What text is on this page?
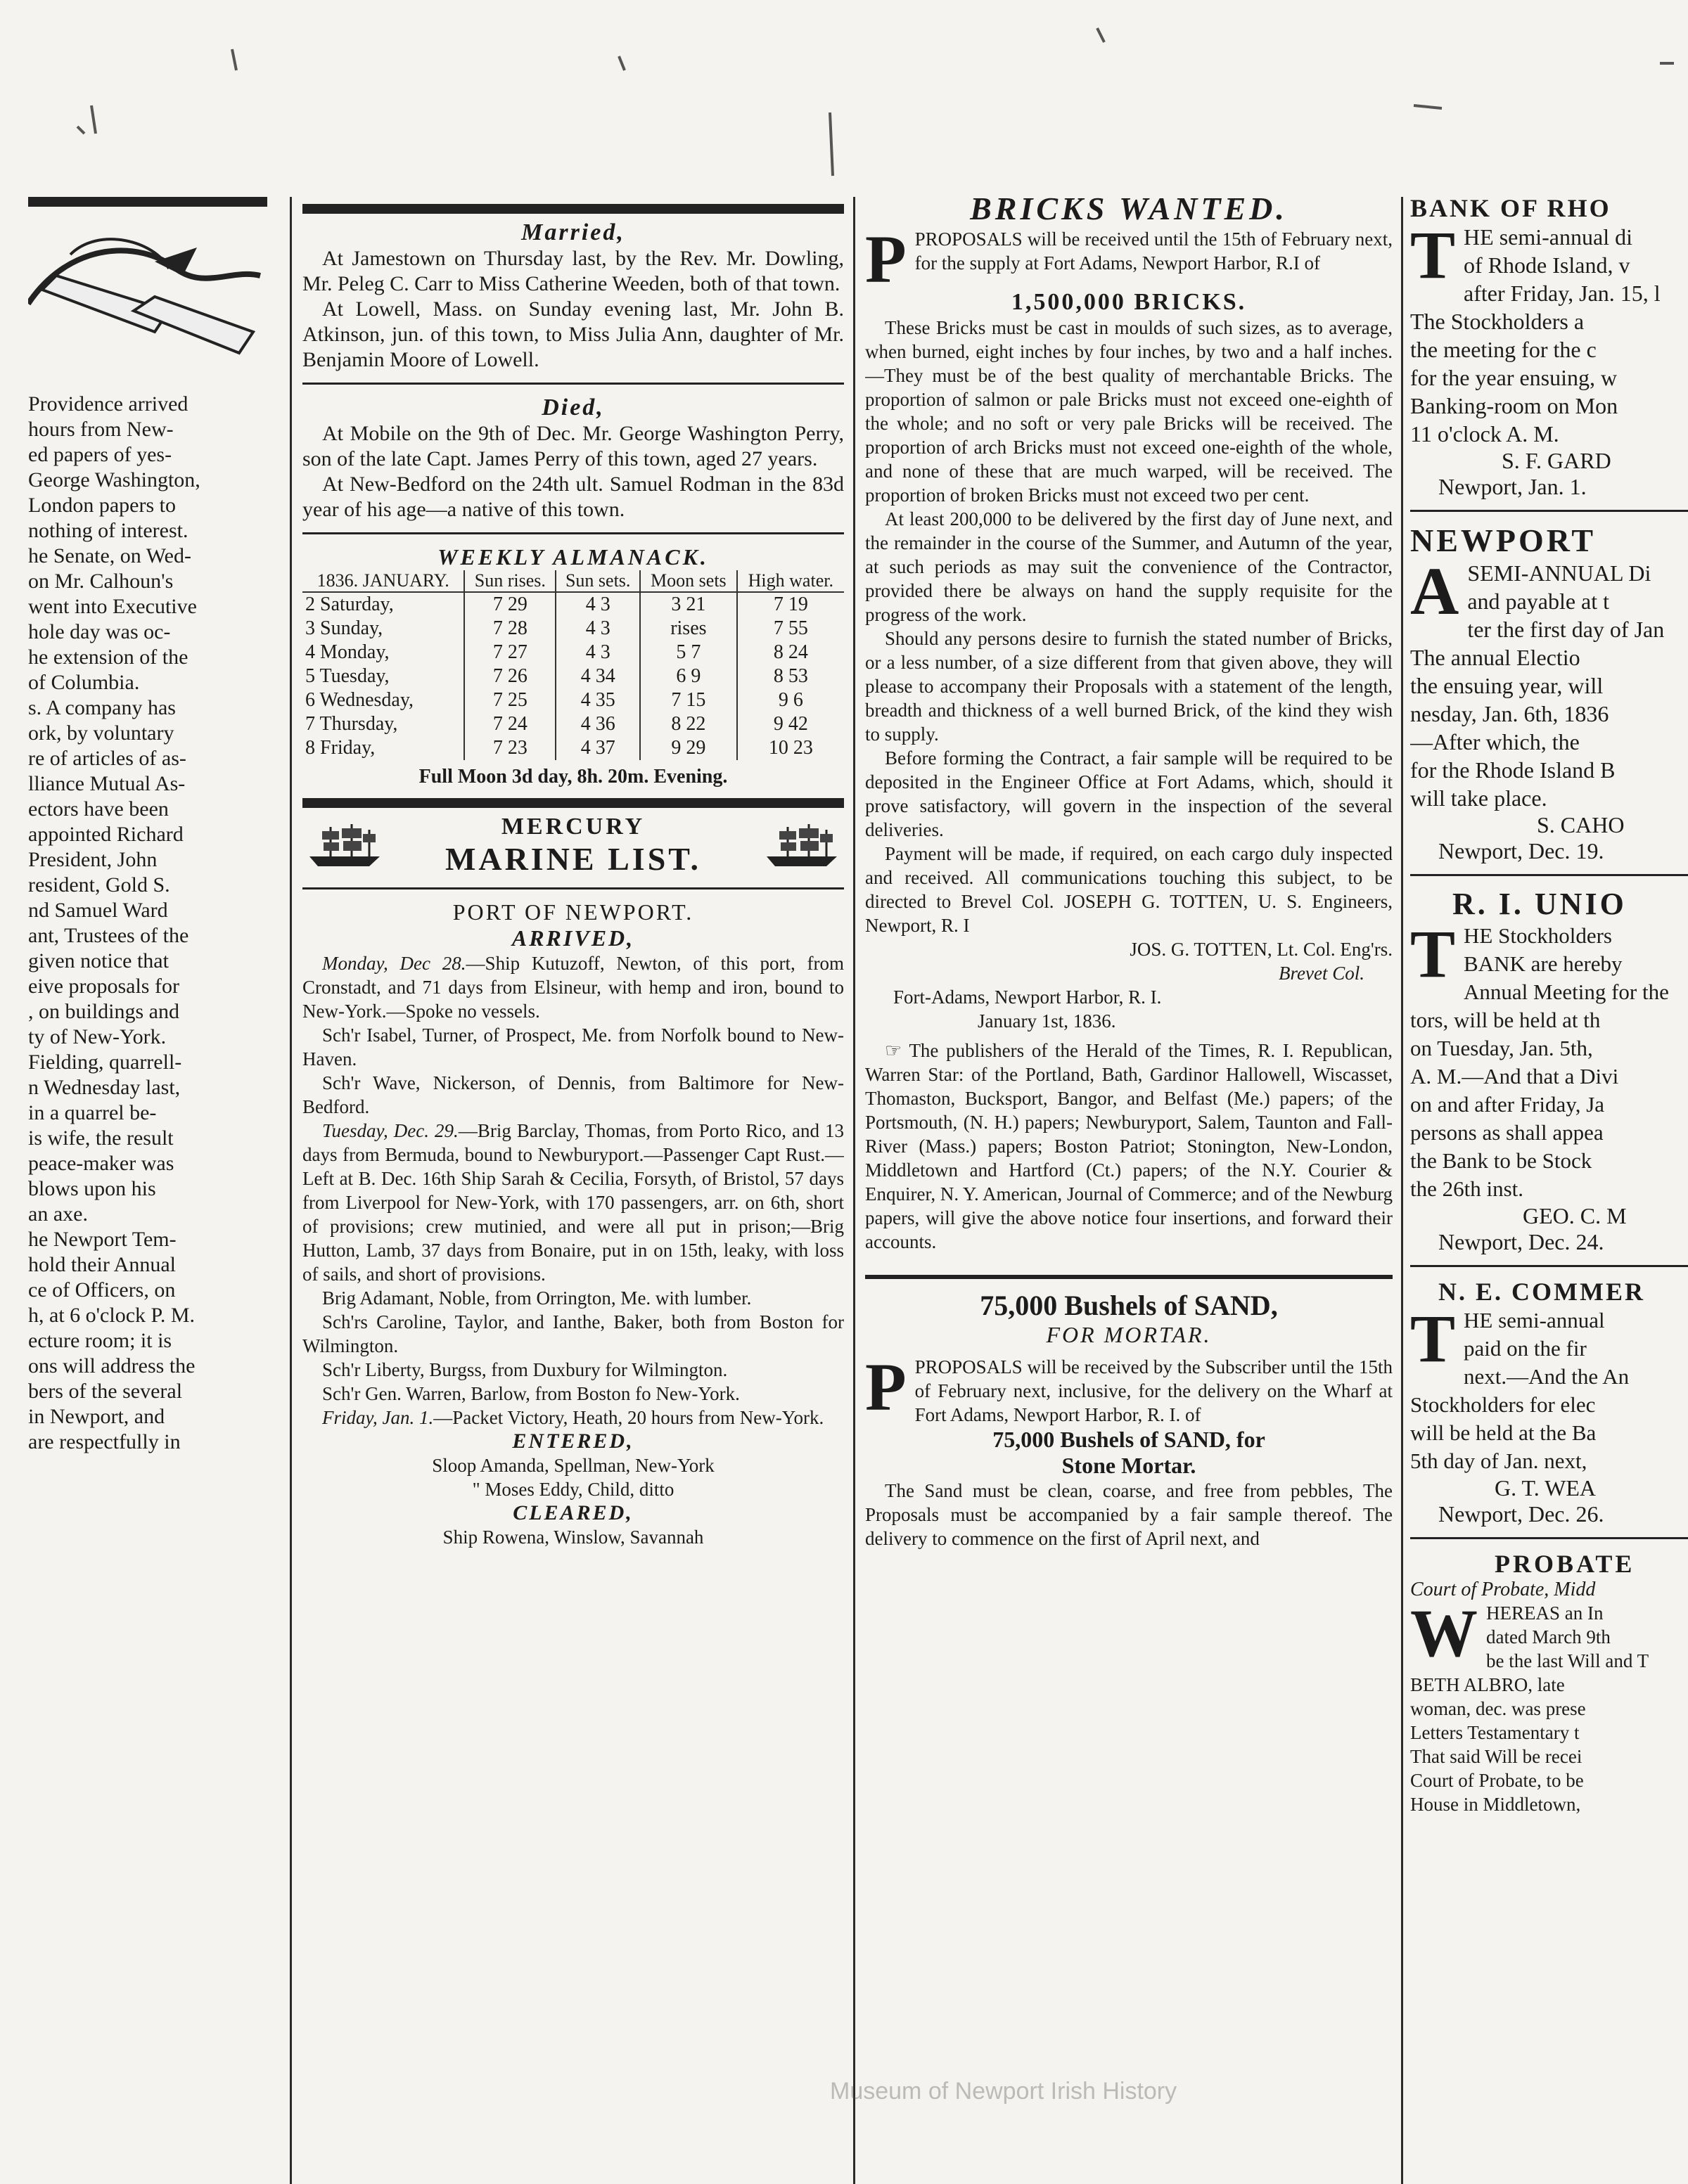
Providence arrived
hours from New-
ed papers of yes-
George Washington,
London papers to
nothing of interest.
he Senate, on Wed-
on Mr. Calhoun's
went into Executive
hole day was oc-
he extension of the
of Columbia.
s. A company has
ork, by voluntary
re of articles of as-
lliance Mutual As-
ectors have been
appointed Richard
President, John
resident, Gold S.
nd Samuel Ward
ant, Trustees of the
given notice that
eive proposals for
, on buildings and
ty of New-York.
Fielding, quarrell-
n Wednesday last,
in a quarrel be-
is wife, the result
peace-maker was
blows upon his
an axe.
he Newport Tem-
hold their Annual
ce of Officers, on
h, at 6 o'clock P. M.
ecture room; it is
ons will address the
bers of the several
in Newport, and
are respectfully in

Married,

At Jamestown on Thursday last, by the Rev. Mr. Dowling, Mr. Peleg C. Carr to Miss Catherine Weeden, both of that town.

At Lowell, Mass. on Sunday evening last, Mr. John B. Atkinson, jun. of this town, to Miss Julia Ann, daughter of Mr. Benjamin Moore of Lowell.

Died,

At Mobile on the 9th of Dec. Mr. George Washington Perry, son of the late Capt. James Perry of this town, aged 27 years.

At New-Bedford on the 24th ult. Samuel Rodman in the 83d year of his age—a native of this town.

WEEKLY ALMANACK.

1836. JANUARY.	Sun rises.	Sun sets.	Moon sets	High water.
2 Saturday,	7 29	4 3	3 21	7 19
3 Sunday,	7 28	4 3	rises	7 55
4 Monday,	7 27	4 3	5 7	8 24
5 Tuesday,	7 26	4 34	6 9	8 53
6 Wednesday,	7 25	4 35	7 15	9 6
7 Thursday,	7 24	4 36	8 22	9 42
8 Friday,	7 23	4 37	9 29	10 23

Full Moon 3d day, 8h. 20m. Evening.

MERCURY

MARINE LIST.

PORT OF NEWPORT.

ARRIVED,

Monday, Dec 28.—Ship Kutuzoff, Newton, of this port, from Cronstadt, and 71 days from Elsineur, with hemp and iron, bound to New-York.—Spoke no vessels.

Sch'r Isabel, Turner, of Prospect, Me. from Norfolk bound to New-Haven.

Sch'r Wave, Nickerson, of Dennis, from Baltimore for New-Bedford.

Tuesday, Dec. 29.—Brig Barclay, Thomas, from Porto Rico, and 13 days from Bermuda, bound to Newburyport.—Passenger Capt Rust.—Left at B. Dec. 16th Ship Sarah & Cecilia, Forsyth, of Bristol, 57 days from Liverpool for New-York, with 170 passengers, arr. on 6th, short of provisions; crew mutinied, and were all put in prison;—Brig Hutton, Lamb, 37 days from Bonaire, put in on 15th, leaky, with loss of sails, and short of provisions.

Brig Adamant, Noble, from Orrington, Me. with lumber.

Sch'rs Caroline, Taylor, and Ianthe, Baker, both from Boston for Wilmington.

Sch'r Liberty, Burgss, from Duxbury for Wilmington.

Sch'r Gen. Warren, Barlow, from Boston fo New-York.

Friday, Jan. 1.—Packet Victory, Heath, 20 hours from New-York.

ENTERED,

Sloop Amanda, Spellman, New-York

" Moses Eddy, Child, ditto

CLEARED,

Ship Rowena, Winslow, Savannah

BRICKS WANTED.

PPROPOSALS will be received until the 15th of February next, for the supply at Fort Adams, Newport Harbor, R.I of

1,500,000 BRICKS.

These Bricks must be cast in moulds of such sizes, as to average, when burned, eight inches by four inches, by two and a half inches.—They must be of the best quality of merchantable Bricks. The proportion of salmon or pale Bricks must not exceed one-eighth of the whole; and no soft or very pale Bricks will be received. The proportion of arch Bricks must not exceed one-eighth of the whole, and none of these that are much warped, will be received. The proportion of broken Bricks must not exceed two per cent.

At least 200,000 to be delivered by the first day of June next, and the remainder in the course of the Summer, and Autumn of the year, at such periods as may suit the convenience of the Contractor, provided there be always on hand the supply requisite for the progress of the work.

Should any persons desire to furnish the stated number of Bricks, or a less number, of a size different from that given above, they will please to accompany their Proposals with a statement of the length, breadth and thickness of a well burned Brick, of the kind they wish to supply.

Before forming the Contract, a fair sample will be required to be deposited in the Engineer Office at Fort Adams, which, should it prove satisfactory, will govern in the inspection of the several deliveries.

Payment will be made, if required, on each cargo duly inspected and received. All communications touching this subject, to be directed to Brevel Col. JOSEPH G. TOTTEN, U. S. Engineers, Newport, R. I

JOS. G. TOTTEN, Lt. Col. Eng'rs.

Brevet Col.

Fort-Adams, Newport Harbor, R. I.

January 1st, 1836.

☞ The publishers of the Herald of the Times, R. I. Republican, Warren Star: of the Portland, Bath, Gardinor Hallowell, Wiscasset, Thomaston, Bucksport, Bangor, and Belfast (Me.) papers; of the Portsmouth, (N. H.) papers; Newburyport, Salem, Taunton and Fall-River (Mass.) papers; Boston Patriot; Stonington, New-London, Middletown and Hartford (Ct.) papers; of the N.Y. Courier & Enquirer, N. Y. American, Journal of Commerce; and of the Newburg papers, will give the above notice four insertions, and forward their accounts.

75,000 Bushels of SAND,

FOR MORTAR.

PPROPOSALS will be received by the Subscriber until the 15th of February next, inclusive, for the delivery on the Wharf at Fort Adams, Newport Harbor, R. I. of

75,000 Bushels of SAND, for

Stone Mortar.

The Sand must be clean, coarse, and free from pebbles, The Proposals must be accompanied by a fair sample thereof. The delivery to commence on the first of April next, and

BANK OF RHO

T HE semi-annual di
of Rhode Island, v
after Friday, Jan. 15, l
The Stockholders a
the meeting for the c
for the year ensuing, w
Banking-room on Mon
11 o'clock A. M.

S. F. GARD

Newport, Jan. 1.

NEWPORT

A SEMI-ANNUAL Di
and payable at t
ter the first day of Jan
The annual Electio
the ensuing year, will
nesday, Jan. 6th, 1836
—After which, the
for the Rhode Island B
will take place.

S. CAHO

Newport, Dec. 19.

R. I. UNIO

T HE Stockholders
BANK are hereby
Annual Meeting for the
tors, will be held at th
on Tuesday, Jan. 5th,
A. M.—And that a Divi
on and after Friday, Ja
persons as shall appea
the Bank to be Stock
the 26th inst.

GEO. C. M

Newport, Dec. 24.

N. E. COMMER

T HE semi-annual
paid on the fir
next.—And the An
Stockholders for elec
will be held at the Ba
5th day of Jan. next,

G. T. WEA

Newport, Dec. 26.

PROBATE

Court of Probate, Midd

W HEREAS an In
dated March 9th
be the last Will and T
BETH ALBRO, late
woman, dec. was prese
Letters Testamentary t
That said Will be recei
Court of Probate, to be
House in Middletown,
Museum of Newport Irish History
